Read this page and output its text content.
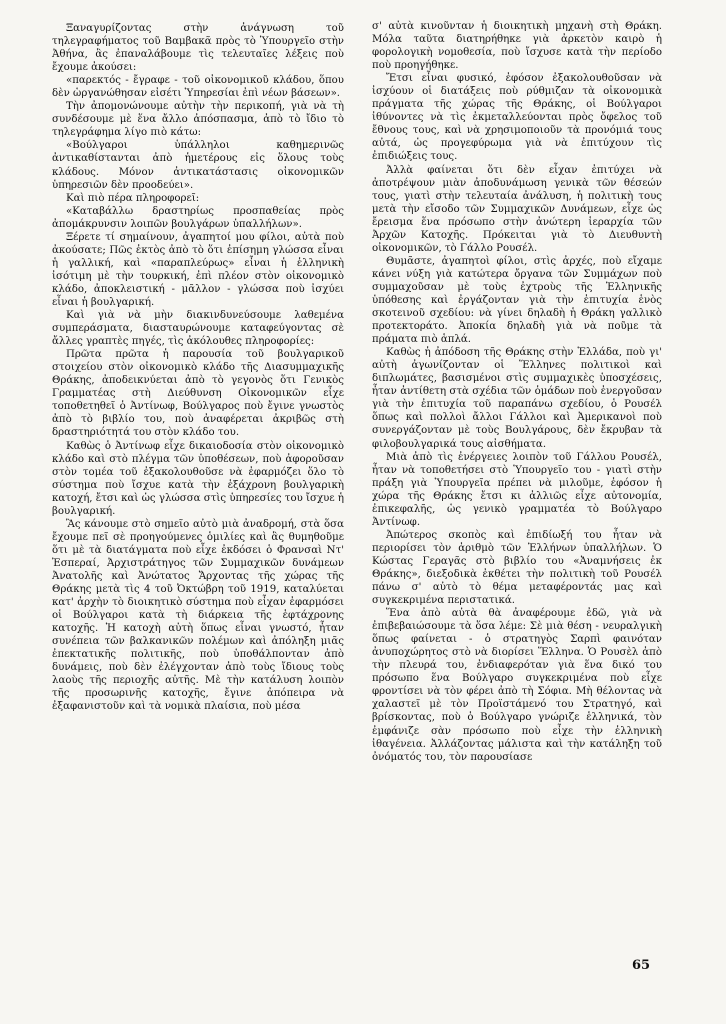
Ξαναγυρίζοντας στὴν ἀνάγνωση τοῦ τηλεγραφήματος τοῦ Βαμβακᾶ πρὸς τὸ Ὑπουργεῖο στὴν Ἀθήνα, ἂς ἐπαναλάβουμε τὶς τελευταῖες λέξεις ποὺ ἔχουμε ἀκούσει:

«παρεκτός - ἔγραφε - τοῦ οἰκονομικοῦ κλάδου, ὅπου δὲν ὡργανώθησαν εἰσέτι Ὑπηρεσίαι ἐπὶ νέων βάσεων».

Τὴν ἀπομονώνουμε αὐτὴν τὴν περικοπή, γιὰ νὰ τὴ συνδέσουμε μὲ ἕνα ἄλλο ἀπόσπασμα, ἀπὸ τὸ ἴδιο τὸ τηλεγράφημα λίγο πιὸ κάτω:

«Βούλγαροι ὑπάλληλοι καθημερινῶς ἀντικαθίστανται ἀπὸ ἡμετέρους εἰς ὅλους τοὺς κλάδους. Μόνον ἀντικατάστασις οἰκονομικῶν ὑπηρεσιῶν δὲν προοδεύει».

Καὶ πιὸ πέρα πληροφορεῖ:

«Καταβάλλω δραστηρίως προσπαθείας πρὸς ἀπομάκρυνσιν λοιπῶν βουλγάρων ὑπαλλήλων».

Ξέρετε τί σημαίνουν, ἀγαπητοί μου φίλοι, αὐτὰ ποὺ ἀκούσατε; Πῶς ἐκτὸς ἀπὸ τὸ ὅτι ἐπίσημη γλώσσα εἶναι ἡ γαλλική, καὶ «παραπλεύρως» εἶναι ἡ ἑλληνικὴ ἰσότιμη μὲ τὴν τουρκική, ἐπὶ πλέον στὸν οἰκονομικὸ κλάδο, ἀποκλειστική - μᾶλλον - γλώσσα ποὺ ἰσχύει εἶναι ἡ βουλγαρική.

Καὶ γιὰ νὰ μὴν διακινδυνεύσουμε λαθεμένα συμπεράσματα, διασταυρώνουμε καταφεύγοντας σὲ ἄλλες γραπτὲς πηγές, τὶς ἀκόλουθες πληροφορίες:

Πρῶτα πρῶτα ἡ παρουσία τοῦ βουλγαρικοῦ στοιχείου στὸν οἰκονομικὸ κλάδο τῆς Διασυμμαχικῆς Θράκης, ἀποδεικνύεται ἀπὸ τὸ γεγονὸς ὅτι Γενικὸς Γραμματέας στὴ Διεύθυνση Οἰκονομικῶν εἶχε τοποθετηθεῖ ὁ Ἀντίνωφ, Βούλγαρος ποὺ ἔγινε γνωστὸς ἀπὸ τὸ βιβλίο του, ποὺ ἀναφέρεται ἀκριβῶς στὴ δραστηριότητά του στὸν κλάδο του.

Καθὼς ὁ Ἀντίνωφ εἶχε δικαιοδοσία στὸν οἰκονομικὸ κλάδο καὶ στὸ πλέγμα τῶν ὑποθέσεων, ποὺ ἀφοροῦσαν στὸν τομέα τοῦ ἐξακολουθοῦσε νὰ ἐφαρμόζει ὅλο τὸ σύστημα ποὺ ἴσχυε κατὰ τὴν ἑξάχρονη βουλγαρικὴ κατοχή, ἔτσι καὶ ὡς γλώσσα στὶς ὑπηρεσίες του ἴσχυε ἡ βουλγαρική.

Ἂς κάνουμε στὸ σημεῖο αὐτὸ μιὰ ἀναδρομή, στὰ ὅσα ἔχουμε πεῖ σὲ προηγούμενες ὁμιλίες καὶ ἂς θυμηθοῦμε ὅτι μὲ τὰ διατάγματα ποὺ εἶχε ἐκδόσει ὁ Φρανσαὶ Ντ' Ἐσπεραί, Ἀρχιστράτηγος τῶν Συμμαχικῶν δυνάμεων Ἀνατολῆς καὶ Ἀνώτατος Ἄρχοντας τῆς χώρας τῆς Θράκης μετὰ τὶς 4 τοῦ Ὀκτώβρη τοῦ 1919, καταλύεται κατ' ἀρχὴν τὸ διοικητικὸ σύστημα ποὺ εἶχαν ἐφαρμόσει οἱ Βούλγαροι κατὰ τὴ διάρκεια τῆς ἑφτάχρονης κατοχῆς. Ἡ κατοχὴ αὐτὴ ὅπως εἶναι γνωστό, ἦταν συνέπεια τῶν βαλκανικῶν πολέμων καὶ ἀπόληξη μιᾶς ἐπεκτατικῆς πολιτικῆς, ποὺ ὑποθάλπονταν ἀπὸ δυνάμεις, ποὺ δὲν ἐλέγχονταν ἀπὸ τοὺς ἴδιους τοὺς λαοὺς τῆς περιοχῆς αὐτῆς. Μὲ τὴν κατάλυση λοιπὸν τῆς προσωρινῆς κατοχῆς, ἔγινε ἀπόπειρα νὰ ἐξαφανιστοῦν καὶ τὰ νομικὰ πλαίσια, ποὺ μέσα

σ' αὐτὰ κινοῦνταν ἡ διοικητικὴ μηχανὴ στὴ Θράκη. Μόλα ταῦτα διατηρήθηκε γιὰ ἀρκετὸν καιρὸ ἡ φορολογικὴ νομοθεσία, ποὺ ἴσχυσε κατὰ τὴν περίοδο ποὺ προηγήθηκε.

Ἔτσι εἶναι φυσικό, ἐφόσον ἐξακολουθοῦσαν νὰ ἰσχύουν οἱ διατάξεις ποὺ ρύθμιζαν τὰ οἰκονομικὰ πράγματα τῆς χώρας τῆς Θράκης, οἱ Βούλγαροι ἰθύνοντες νὰ τὶς ἐκμεταλλεύονται πρὸς ὄφελος τοῦ ἔθνους τους, καὶ νὰ χρησιμοποιοῦν τὰ προνόμιά τους αὐτά, ὡς προγεφύρωμα γιὰ νὰ ἐπιτύχουν τὶς ἐπιδιώξεις τους.

Ἀλλὰ φαίνεται ὅτι δὲν εἶχαν ἐπιτύχει νὰ ἀποτρέψουν μιὰν ἀποδυνάμωση γενικὰ τῶν θέσεών τους, γιατὶ στὴν τελευταία ἀνάλυση, ἡ πολιτικὴ τους μετὰ τὴν εἴσοδο τῶν Συμμαχικῶν Δυνάμεων, εἶχε ὡς ἔρεισμα ἕνα πρόσωπο στὴν ἀνώτερη ἱεραρχία τῶν Ἀρχῶν Κατοχῆς. Πρόκειται γιὰ τὸ Διευθυντὴ οἰκονομικῶν, τὸ Γάλλο Ρουσέλ.

Θυμᾶστε, ἀγαπητοὶ φίλοι, στὶς ἀρχές, ποὺ εἴχαμε κάνει νύξη γιὰ κατώτερα ὄργανα τῶν Συμμάχων ποὺ συμμαχοῦσαν μὲ τοὺς ἐχτροὺς τῆς Ἑλληνικῆς ὑπόθεσης καὶ ἐργάζονταν γιὰ τὴν ἐπιτυχία ἑνὸς σκοτεινοῦ σχεδίου: νὰ γίνει δηλαδὴ ἡ Θράκη γαλλικὸ προτεκτοράτο. Ἀποκία δηλαδὴ γιὰ νὰ ποῦμε τὰ πράματα πιὸ ἁπλά.

Καθὼς ἡ ἀπόδοση τῆς Θράκης στὴν Ἑλλάδα, ποὺ γι' αὐτὴ ἀγωνίζονταν οἱ Ἕλληνες πολιτικοὶ καὶ διπλωμάτες, βασισμένοι στὶς συμμαχικὲς ὑποσχέσεις, ἦταν ἀντίθετη στὰ σχέδια τῶν ὁμάδων ποὺ ἐνεργοῦσαν γιὰ τὴν ἐπιτυχία τοῦ παραπάνω σχεδίου, ὁ Ρουσέλ ὅπως καὶ πολλοὶ ἄλλοι Γάλλοι καὶ Ἀμερικανοὶ ποὺ συνεργάζονταν μὲ τοὺς Βουλγάρους, δὲν ἔκρυβαν τὰ φιλοβουλγαρικά τους αἰσθήματα.

Μιὰ ἀπὸ τὶς ἐνέργειες λοιπὸν τοῦ Γάλλου Ρουσέλ, ἦταν νὰ τοποθετήσει στὸ Ὑπουργεῖο του - γιατὶ στὴν πράξη γιὰ Ὑπουργεῖα πρέπει νὰ μιλοῦμε, ἐφόσον ἡ χώρα τῆς Θράκης ἔτσι κι ἀλλιῶς εἶχε αὐτονομία, ἐπικεφαλῆς, ὡς γενικὸ γραμματέα τὸ Βούλγαρο Ἀντίνωφ.

Ἀπώτερος σκοπὸς καὶ ἐπιδίωξή του ἦταν νὰ περιορίσει τὸν ἀριθμὸ τῶν Ἑλλήνων ὑπαλλήλων. Ὁ Κώστας Γεραγᾶς στὸ βιβλίο του «Ἀναμνήσεις ἐκ Θράκης», διεξοδικὰ ἐκθέτει τὴν πολιτικὴ τοῦ Ρουσέλ πάνω σ' αὐτὸ τὸ θέμα μεταφέροντάς μας καὶ συγκεκριμένα περιστατικά.

Ἕνα ἀπὸ αὐτὰ θὰ ἀναφέρουμε ἐδῶ, γιὰ νὰ ἐπιβεβαιώσουμε τὰ ὅσα λέμε: Σὲ μιὰ θέση - νευραλγικὴ ὅπως φαίνεται - ὁ στρατηγὸς Σαρπὶ φαινόταν ἀνυποχώρητος στὸ νὰ διορίσει Ἕλληνα. Ὁ Ρουσὲλ ἀπὸ τὴν πλευρά του, ἐνδιαφερόταν γιὰ ἕνα δικό του πρόσωπο ἕνα Βούλγαρο συγκεκριμένα ποὺ εἶχε φροντίσει νὰ τὸν φέρει ἀπὸ τὴ Σόφια. Μὴ θέλοντας νὰ χαλαστεῖ μὲ τὸν Προϊστάμενό του Στρατηγό, καὶ βρίσκοντας, ποὺ ὁ Βούλγαρο γνώριζε ἑλληνικά, τὸν ἐμφάνιζε σὰν πρόσωπο ποὺ εἶχε τὴν ἑλληνικὴ ἰθαγένεια. Ἀλλάζοντας μάλιστα καὶ τὴν κατάληξη τοῦ ὀνόματός του, τὸν παρουσίασε

65
